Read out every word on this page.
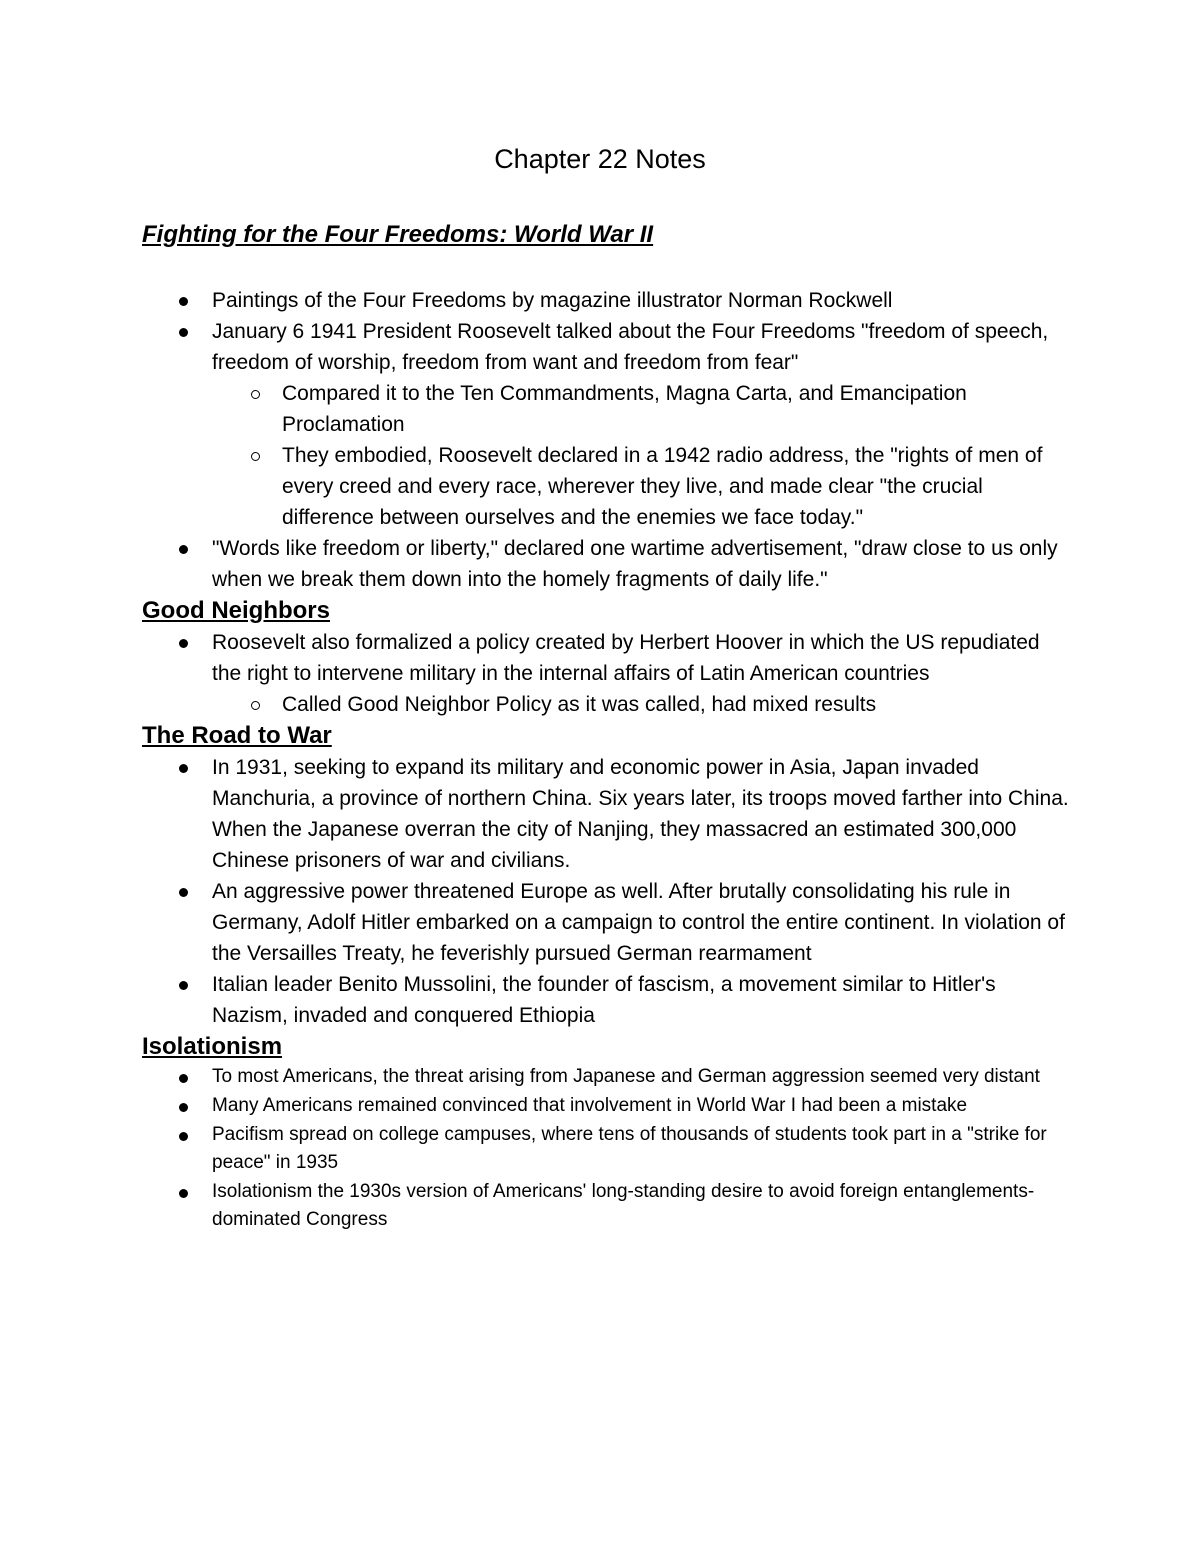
Chapter 22 Notes
Fighting for the Four Freedoms: World War II
Paintings of the Four Freedoms by magazine illustrator Norman Rockwell
January 6 1941 President Roosevelt talked about the Four Freedoms "freedom of speech, freedom of worship, freedom from want and freedom from fear"
Compared it to the Ten Commandments, Magna Carta, and Emancipation Proclamation
They embodied, Roosevelt declared in a 1942 radio address, the "rights of men of every creed and every race, wherever they live, and made clear "the crucial difference between ourselves and the enemies we face today."
"Words like freedom or liberty," declared one wartime advertisement, "draw close to us only when we break them down into the homely fragments of daily life."
Good Neighbors
Roosevelt also formalized a policy created by Herbert Hoover in which the US repudiated the right to intervene military in the internal affairs of Latin American countries
Called Good Neighbor Policy as it was called, had mixed results
The Road to War
In 1931, seeking to expand its military and economic power in Asia, Japan invaded Manchuria, a province of northern China. Six years later, its troops moved farther into China. When the Japanese overran the city of Nanjing, they massacred an estimated 300,000 Chinese prisoners of war and civilians.
An aggressive power threatened Europe as well. After brutally consolidating his rule in Germany, Adolf Hitler embarked on a campaign to control the entire continent. In violation of the Versailles Treaty, he feverishly pursued German rearmament
Italian leader Benito Mussolini, the founder of fascism, a movement similar to Hitler's Nazism, invaded and conquered Ethiopia
Isolationism
To most Americans, the threat arising from Japanese and German aggression seemed very distant
Many Americans remained convinced that involvement in World War I had been a mistake
Pacifism spread on college campuses, where tens of thousands of students took part in a "strike for peace" in 1935
Isolationism the 1930s version of Americans' long-standing desire to avoid foreign entanglements-dominated Congress
